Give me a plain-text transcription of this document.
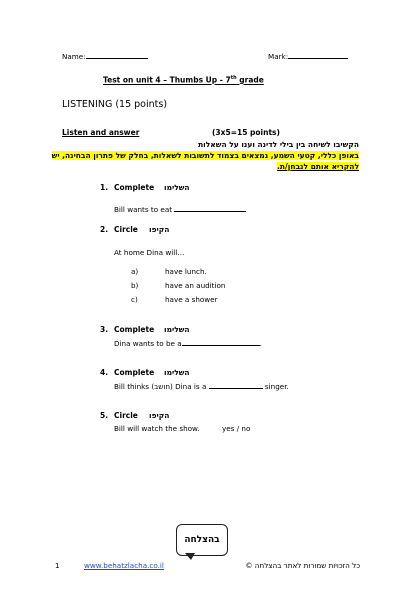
Name:	Mark:
Test on unit 4 – Thumbs Up - 7th grade
LISTENING (15 points)
Listen and answer	(3x5=15 points)
הקשיבו לשיחה בין בילי לדינה וענו על השאלות
באופן כללי, קטעי השמע, נמצאים בצמוד לתשובות לשאלות, בחלק של פתרון הבחינה, יש
להקריא אותם לנבחן/ת.
1. Complete השלימו
Bill wants to eat
2. Circle הקיפו
At home Dina will…
a)	have lunch.
b)	have an audition
c)	have a shower
3. Complete השלימו
Dina wants to be a	.
4. Complete השלימו
Bill thinks (חושב) Dina is a	singer.
5. Circle הקיפו
Bill will watch the show.	yes / no
בהצלחה
1	www.behatzlacha.co.il	כל הזכויות שמורות לאתר בהצלחה ©
